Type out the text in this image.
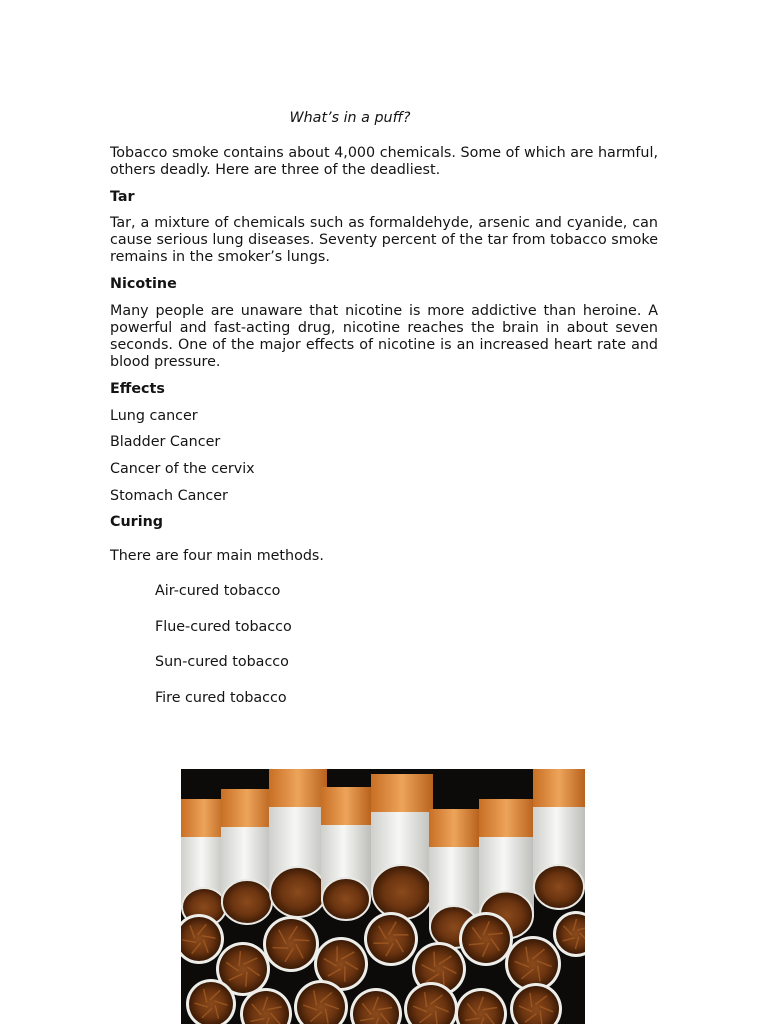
What’s in a puff?

Tobacco smoke contains about 4,000 chemicals. Some of which are harmful, others deadly. Here are three of the deadliest.

Tar

Tar, a mixture of chemicals such as formaldehyde, arsenic and cyanide, can cause serious lung diseases. Seventy percent of the tar from tobacco smoke remains in the smoker’s lungs.

Nicotine

Many people are unaware that nicotine is more addictive than heroine. A powerful and fast-acting drug, nicotine reaches the brain in about seven seconds. One of the major effects of nicotine is an increased heart rate and blood pressure.

Effects

Lung cancer

Bladder Cancer

Cancer of the cervix

Stomach Cancer

Curing

There are four main methods.

Air-cured tobacco

Flue-cured tobacco

Sun-cured tobacco

Fire cured tobacco
